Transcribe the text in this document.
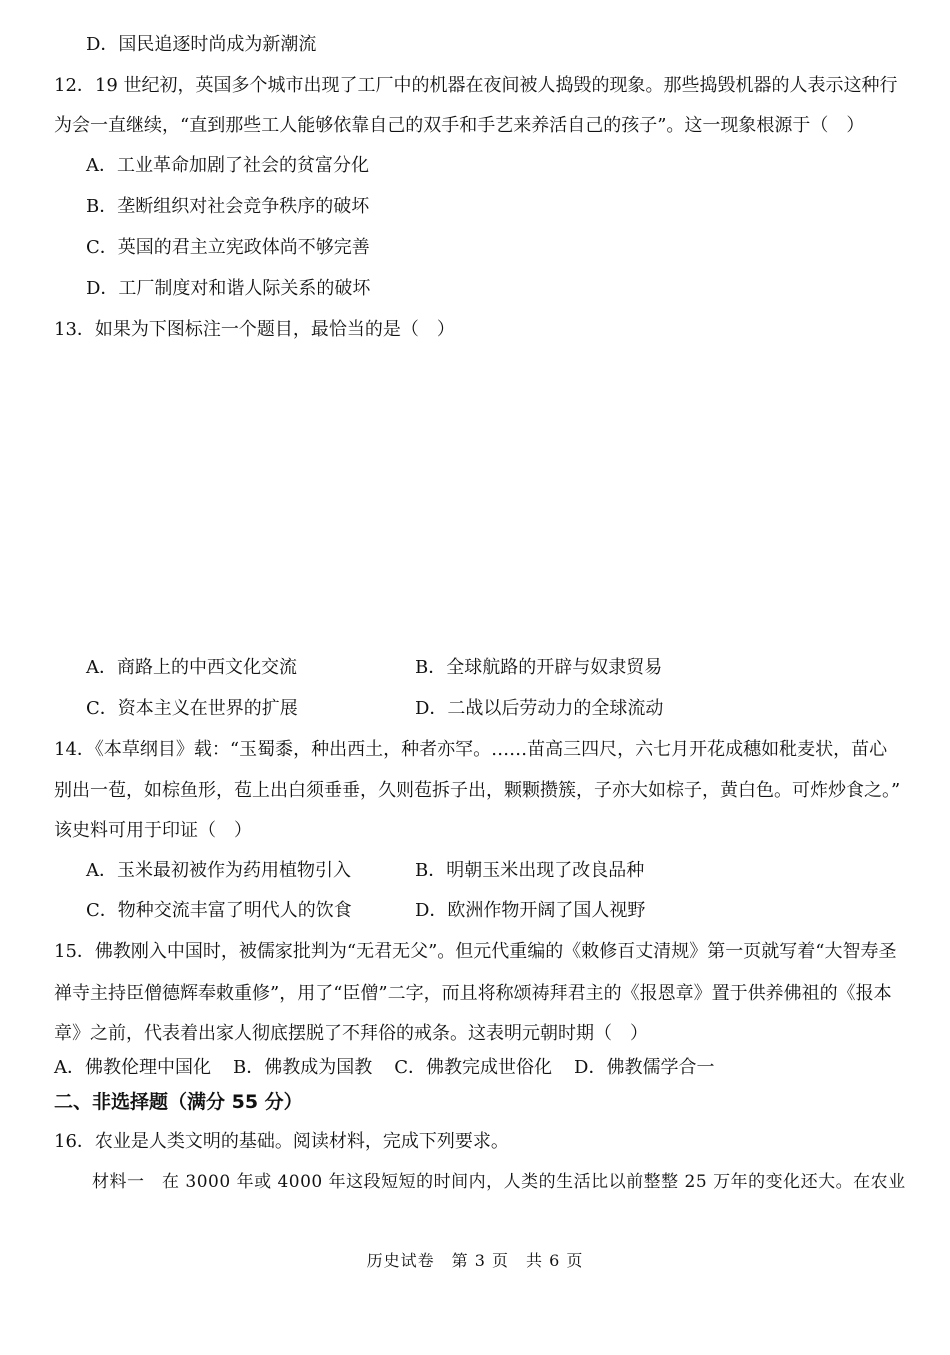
D．国民追逐时尚成为新潮流
12．19 世纪初，英国多个城市出现了工厂中的机器在夜间被人捣毁的现象。那些捣毁机器的人表示这种行
为会一直继续，“直到那些工人能够依靠自己的双手和手艺来养活自己的孩子”。这一现象根源于（　）
A．工业革命加剧了社会的贫富分化
B．垄断组织对社会竞争秩序的破坏
C．英国的君主立宪政体尚不够完善
D．工厂制度对和谐人际关系的破坏
13．如果为下图标注一个题目，最恰当的是（　）
A．商路上的中西文化交流	B．全球航路的开辟与奴隶贸易
C．资本主义在世界的扩展	D．二战以后劳动力的全球流动
14．《本草纲目》载：“玉蜀黍，种出西土，种者亦罕。……苗高三四尺，六七月开花成穗如秕麦状，苗心
别出一苞，如棕鱼形，苞上出白须垂垂，久则苞拆子出，颗颗攒簇，子亦大如棕子，黄白色。可炸炒食之。”
该史料可用于印证（　）
A．玉米最初被作为药用植物引入	B．明朝玉米出现了改良品种
C．物种交流丰富了明代人的饮食	D．欧洲作物开阔了国人视野
15．佛教刚入中国时，被儒家批判为“无君无父”。但元代重编的《敕修百丈清规》第一页就写着“大智寿圣
禅寺主持臣僧德辉奉敕重修”，用了“臣僧”二字，而且将称颂祷拜君主的《报恩章》置于供养佛祖的《报本
章》之前，代表着出家人彻底摆脱了不拜俗的戒条。这表明元朝时期（　）
A．佛教伦理中国化 B．佛教成为国教 C．佛教完成世俗化 D．佛教儒学合一
二、非选择题（满分 55 分）
16．农业是人类文明的基础。阅读材料，完成下列要求。
材料一　在 3000 年或 4000 年这段短短的时间内，人类的生活比以前整整 25 万年的变化还大。在农业
历史试卷　第 3 页　共 6 页
